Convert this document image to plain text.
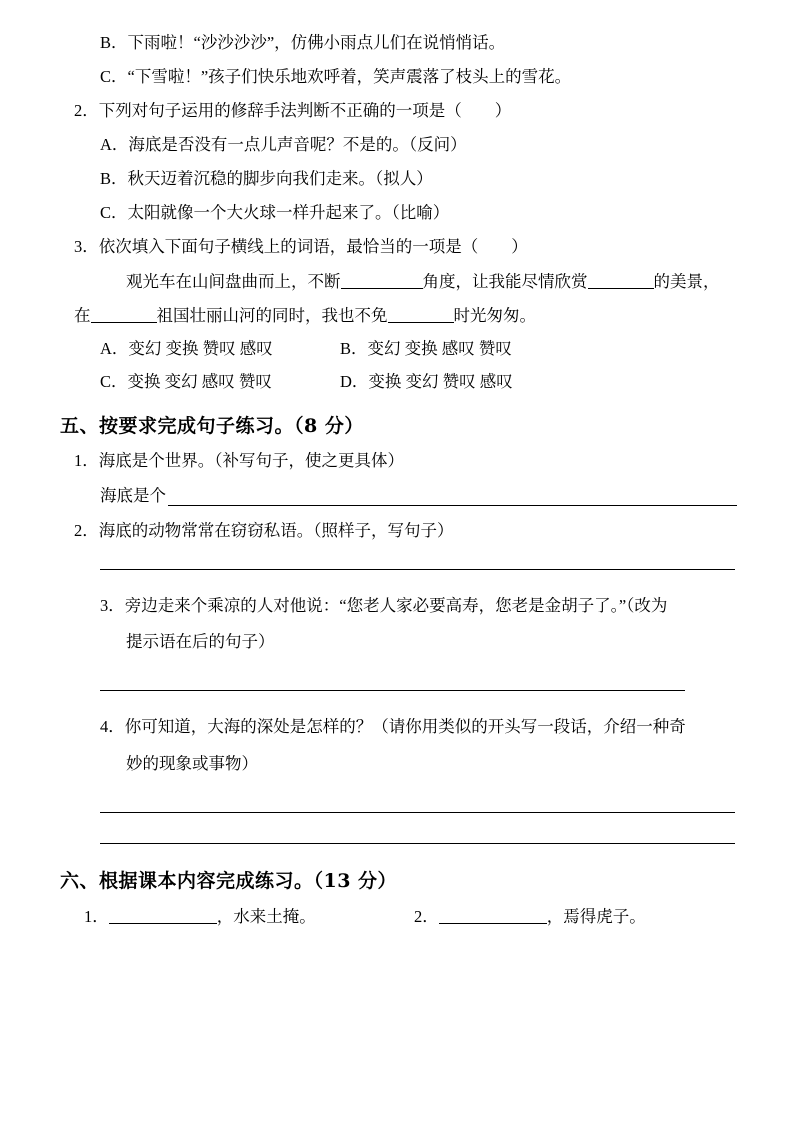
B．下雨啦！“沙沙沙沙”，仿佛小雨点儿们在说悄悄话。
C．“下雪啦！”孩子们快乐地欢呼着，笑声震落了枝头上的雪花。
2．下列对句子运用的修辞手法判断不正确的一项是（　　）
A．海底是否没有一点儿声音呢？不是的。（反问）
B．秋天迈着沉稳的脚步向我们走来。（拟人）
C．太阳就像一个大火球一样升起来了。（比喻）
3．依次填入下面句子横线上的词语，最恰当的一项是（　　）
观光车在山间盘曲而上，不断	角度，让我能尽情欣赏	的美景，
在	祖国壮丽山河的同时，我也不免	时光匆匆。
A．变幻 变换 赞叹 感叹	B．变幻 变换 感叹 赞叹
C．变换 变幻 感叹 赞叹	D．变换 变幻 赞叹 感叹
五、按要求完成句子练习。（8 分）
1．海底是个世界。（补写句子，使之更具体）
海底是个
2．海底的动物常常在窃窃私语。（照样子，写句子）
3．旁边走来个乘凉的人对他说：“您老人家必要高寿，您老是金胡子了。”（改为
提示语在后的句子）
4．你可知道，大海的深处是怎样的？（请你用类似的开头写一段话，介绍一种奇
妙的现象或事物）
六、根据课本内容完成练习。（13 分）
1．	，水来土掩。	2．	，焉得虎子。
